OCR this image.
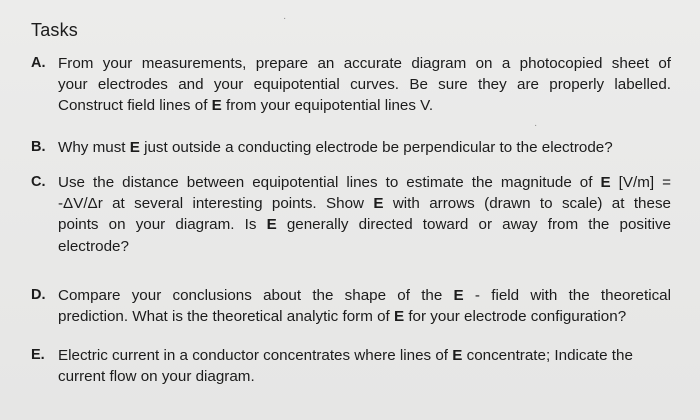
Tasks
A. From your measurements, prepare an accurate diagram on a photocopied sheet of
your electrodes and your equipotential curves. Be sure they are properly labelled.
Construct field lines of E from your equipotential lines V.
B. Why must E just outside a conducting electrode be perpendicular to the electrode?
C. Use the distance between equipotential lines to estimate the magnitude of E [V/m] =
-ΔV/Δr at several interesting points. Show E with arrows (drawn to scale) at these
points on your diagram. Is E generally directed toward or away from the positive
electrode?
D. Compare your conclusions about the shape of the E - field with the theoretical
prediction. What is the theoretical analytic form of E for your electrode configuration?
E. Electric current in a conductor concentrates where lines of E concentrate; Indicate the
current flow on your diagram.
·
·
